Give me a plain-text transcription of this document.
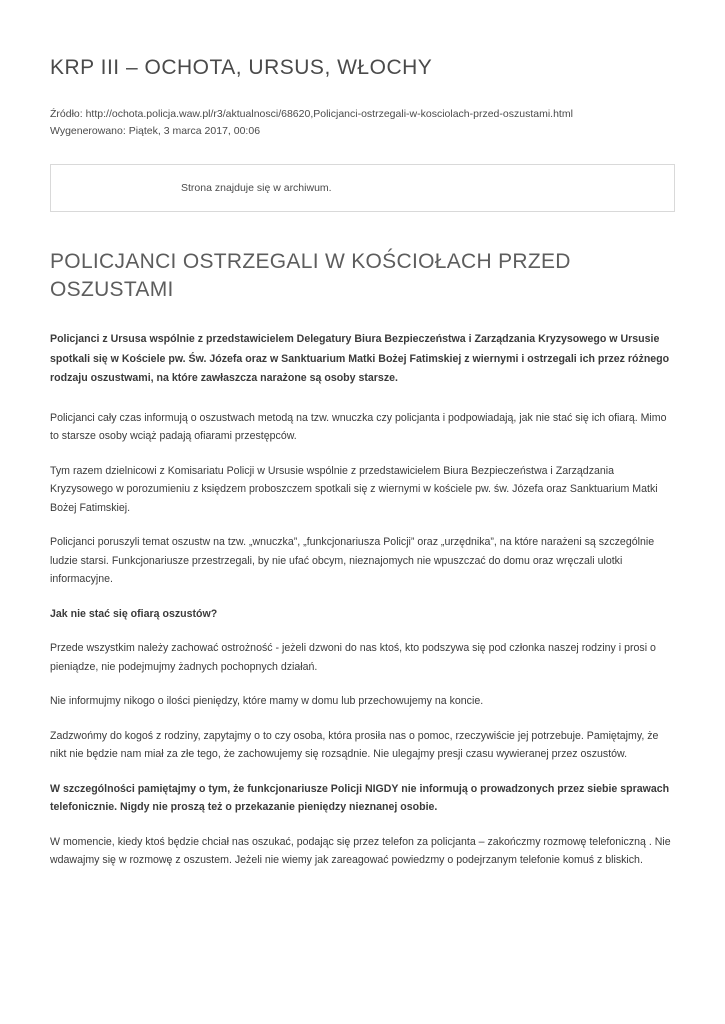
KRP III – OCHOTA, URSUS, WŁOCHY
Źródło: http://ochota.policja.waw.pl/r3/aktualnosci/68620,Policjanci-ostrzegali-w-kosciolach-przed-oszustami.html
Wygenerowano: Piątek, 3 marca 2017, 00:06
Strona znajduje się w archiwum.
POLICJANCI OSTRZEGALI W KOŚCIOŁACH PRZED OSZUSTAMI

Policjanci z Ursusa wspólnie z przedstawicielem Delegatury Biura Bezpieczeństwa i Zarządzania Kryzysowego w Ursusie spotkali się w Kościele pw. Św. Józefa oraz w Sanktuarium Matki Bożej Fatimskiej z wiernymi i ostrzegali ich przez różnego rodzaju oszustwami, na które zawłaszcza narażone są osoby starsze.

Policjanci cały czas informują o oszustwach metodą na tzw. wnuczka czy policjanta i podpowiadają, jak nie stać się ich ofiarą. Mimo to starsze osoby wciąż padają ofiarami przestępców.

Tym razem dzielnicowi z Komisariatu Policji w Ursusie wspólnie z przedstawicielem Biura Bezpieczeństwa i Zarządzania Kryzysowego w porozumieniu z księdzem proboszczem spotkali się z wiernymi w kościele pw. św. Józefa oraz Sanktuarium Matki Bożej Fatimskiej.

Policjanci poruszyli temat oszustw na tzw. „wnuczka”, „funkcjonariusza Policji” oraz „urzędnika”, na które narażeni są szczególnie ludzie starsi. Funkcjonariusze przestrzegali, by nie ufać obcym, nieznajomych nie wpuszczać do domu oraz wręczali ulotki informacyjne.

Jak nie stać się ofiarą oszustów?

Przede wszystkim należy zachować ostrożność - jeżeli dzwoni do nas ktoś, kto podszywa się pod członka naszej rodziny i prosi o pieniądze, nie podejmujmy żadnych pochopnych działań.

Nie informujmy nikogo o ilości pieniędzy, które mamy w domu lub przechowujemy na koncie.

Zadzwońmy do kogoś z rodziny, zapytajmy o to czy osoba, która prosiła nas o pomoc, rzeczywiście jej potrzebuje. Pamiętajmy, że nikt nie będzie nam miał za złe tego, że zachowujemy się rozsądnie. Nie ulegajmy presji czasu wywieranej przez oszustów.

W szczególności pamiętajmy o tym, że funkcjonariusze Policji NIGDY nie informują o prowadzonych przez siebie sprawach telefonicznie. Nigdy nie proszą też o przekazanie pieniędzy nieznanej osobie.

W momencie, kiedy ktoś będzie chciał nas oszukać, podając się przez telefon za policjanta – zakończmy rozmowę telefoniczną . Nie wdawajmy się w rozmowę z oszustem. Jeżeli nie wiemy jak zareagować powiedzmy o podejrzanym telefonie komuś z bliskich.
